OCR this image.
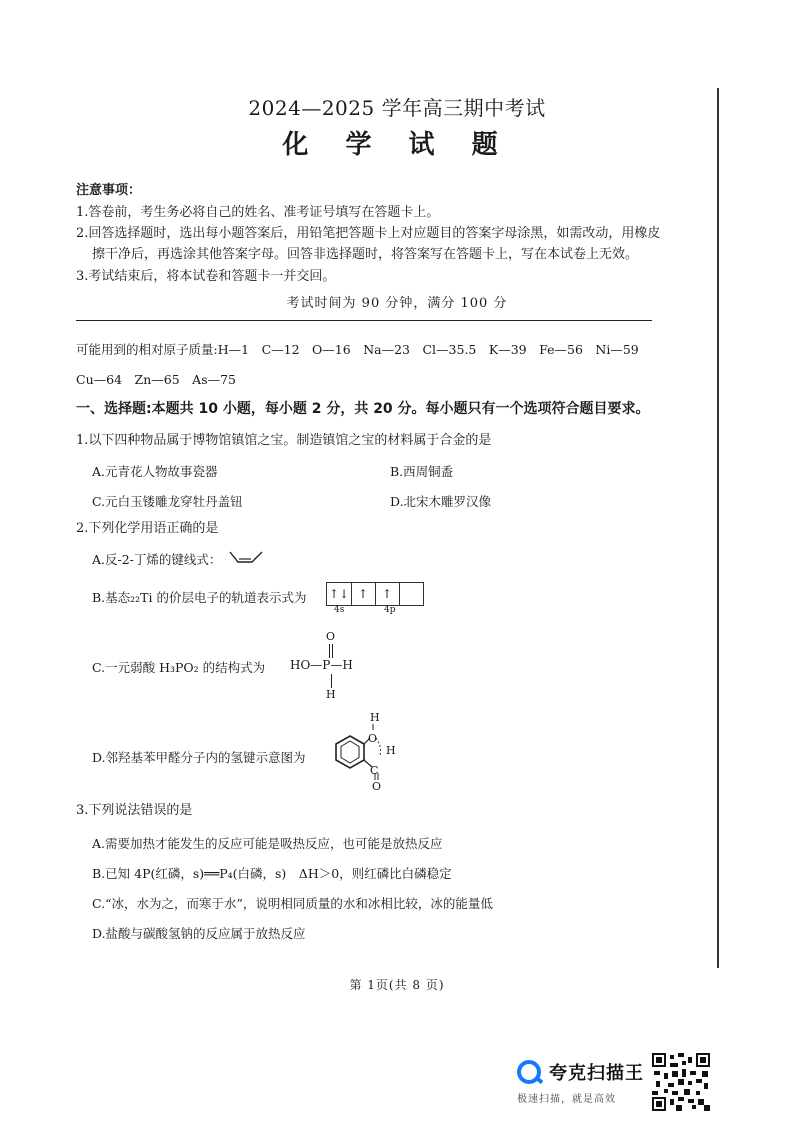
2024—2025 学年高三期中考试
化 学 试 题
注意事项：
1.答卷前，考生务必将自己的姓名、准考证号填写在答题卡上。
2.回答选择题时，选出每小题答案后，用铅笔把答题卡上对应题目的答案字母涂黑，如需改动，用橡皮
擦干净后，再选涂其他答案字母。回答非选择题时，将答案写在答题卡上，写在本试卷上无效。
3.考试结束后，将本试卷和答题卡一并交回。
考试时间为 90 分钟，满分 100 分
可能用到的相对原子质量:H—1　C—12　O—16　Na—23　Cl—35.5　K—39　Fe—56　Ni—59
Cu—64　Zn—65　As—75
一、选择题:本题共 10 小题，每小题 2 分，共 20 分。每小题只有一个选项符合题目要求。
1.以下四种物品属于博物馆镇馆之宝。制造镇馆之宝的材料属于合金的是
A.元青花人物故事瓷器	B.西周铜盉
C.元白玉镂雕龙穿牡丹盖钮	D.北宋木雕罗汉像
2.下列化学用语正确的是
A.反-2-丁烯的键线式：
B.基态₂₂Ti 的价层电子的轨道表示式为 ↑↓ ↑	↑
4s	4p
C.一元弱酸 H₃PO₂ 的结构式为
O
HO—P—H
H
D.邻羟基苯甲醛分子内的氢键示意图为
H
O
H
C
O
3.下列说法错误的是
A.需要加热才能发生的反应可能是吸热反应，也可能是放热反应
B.已知 4P(红磷，s)══P₄(白磷，s)　ΔH＞0，则红磷比白磷稳定
C.“冰，水为之，而寒于水”，说明相同质量的水和冰相比较，冰的能量低
D.盐酸与碳酸氢钠的反应属于放热反应
第 1页(共 8 页)
夸克扫描王
极速扫描，就是高效
